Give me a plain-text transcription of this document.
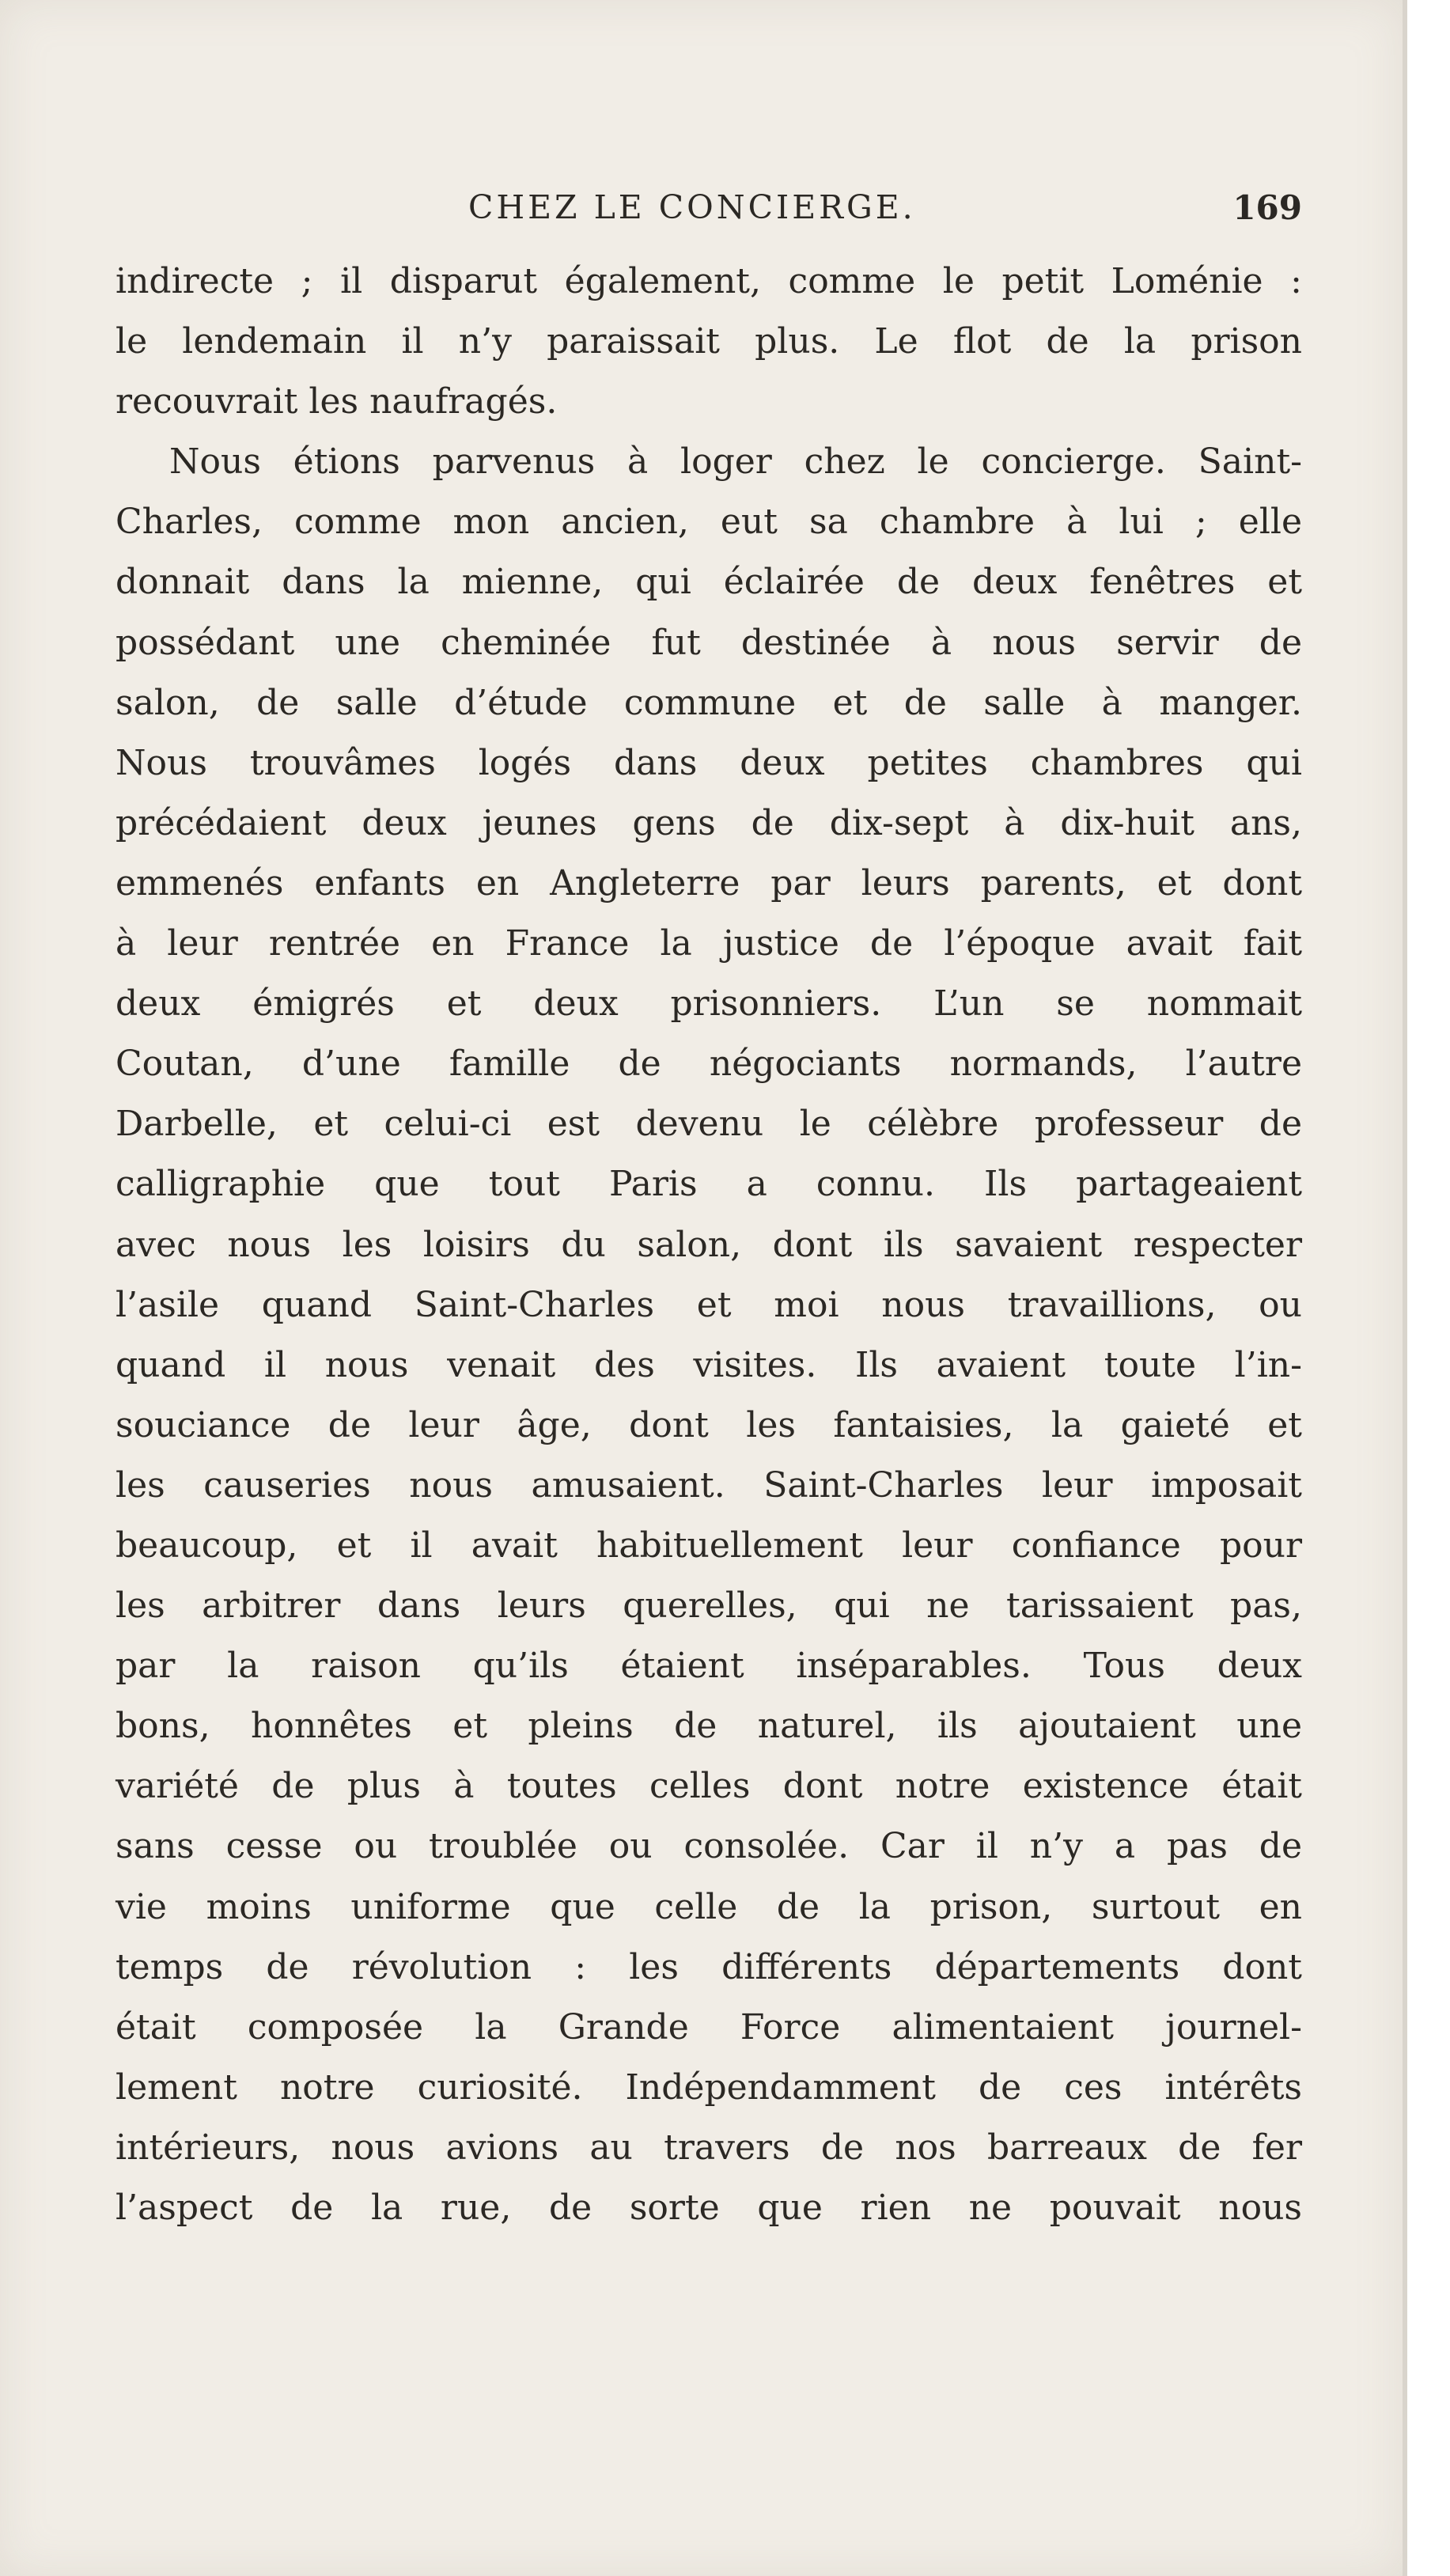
CHEZ LE CONCIERGE.	169
indirecte ; il disparut également, comme le petit Loménie :
le lendemain il n’y paraissait plus. Le flot de la prison
recouvrait les naufragés.
Nous étions parvenus à loger chez le concierge. Saint-
Charles, comme mon ancien, eut sa chambre à lui ; elle
donnait dans la mienne, qui éclairée de deux fenêtres et
possédant une cheminée fut destinée à nous servir de
salon, de salle d’étude commune et de salle à manger.
Nous trouvâmes logés dans deux petites chambres qui
précédaient deux jeunes gens de dix-sept à dix-huit ans,
emmenés enfants en Angleterre par leurs parents, et dont
à leur rentrée en France la justice de l’époque avait fait
deux émigrés et deux prisonniers. L’un se nommait
Coutan, d’une famille de négociants normands, l’autre
Darbelle, et celui-ci est devenu le célèbre professeur de
calligraphie que tout Paris a connu. Ils partageaient
avec nous les loisirs du salon, dont ils savaient respecter
l’asile quand Saint-Charles et moi nous travaillions, ou
quand il nous venait des visites. Ils avaient toute l’in-
souciance de leur âge, dont les fantaisies, la gaieté et
les causeries nous amusaient. Saint-Charles leur imposait
beaucoup, et il avait habituellement leur confiance pour
les arbitrer dans leurs querelles, qui ne tarissaient pas,
par la raison qu’ils étaient inséparables. Tous deux
bons, honnêtes et pleins de naturel, ils ajoutaient une
variété de plus à toutes celles dont notre existence était
sans cesse ou troublée ou consolée. Car il n’y a pas de
vie moins uniforme que celle de la prison, surtout en
temps de révolution : les différents départements dont
était composée la Grande Force alimentaient journel-
lement notre curiosité. Indépendamment de ces intérêts
intérieurs, nous avions au travers de nos barreaux de fer
l’aspect de la rue, de sorte que rien ne pouvait nous
